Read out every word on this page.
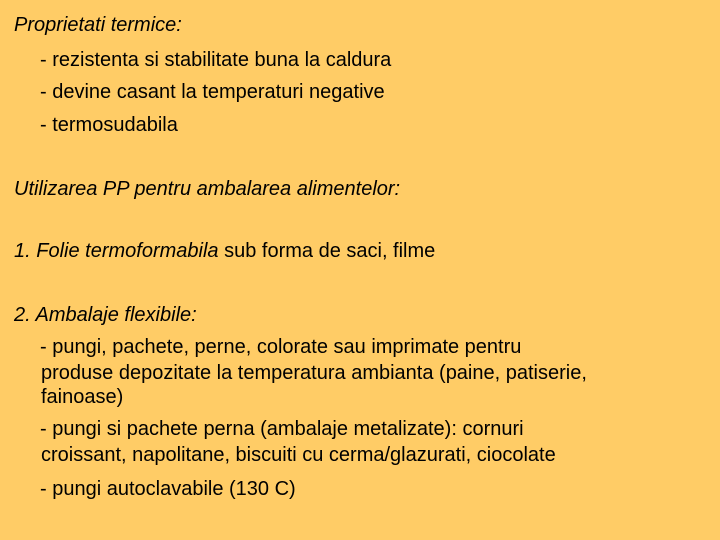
Proprietati termice:
- rezistenta si stabilitate buna la caldura
- devine casant la temperaturi negative
- termosudabila
Utilizarea PP pentru ambalarea alimentelor:
1. Folie termoformabila sub forma de saci, filme
2. Ambalaje flexibile:
- pungi, pachete, perne, colorate sau imprimate pentru
produse depozitate la temperatura ambianta (paine, patiserie,
fainoase)
- pungi si pachete perna (ambalaje metalizate): cornuri
croissant, napolitane, biscuiti cu cerma/glazurati, ciocolate
- pungi autoclavabile (130 C)
